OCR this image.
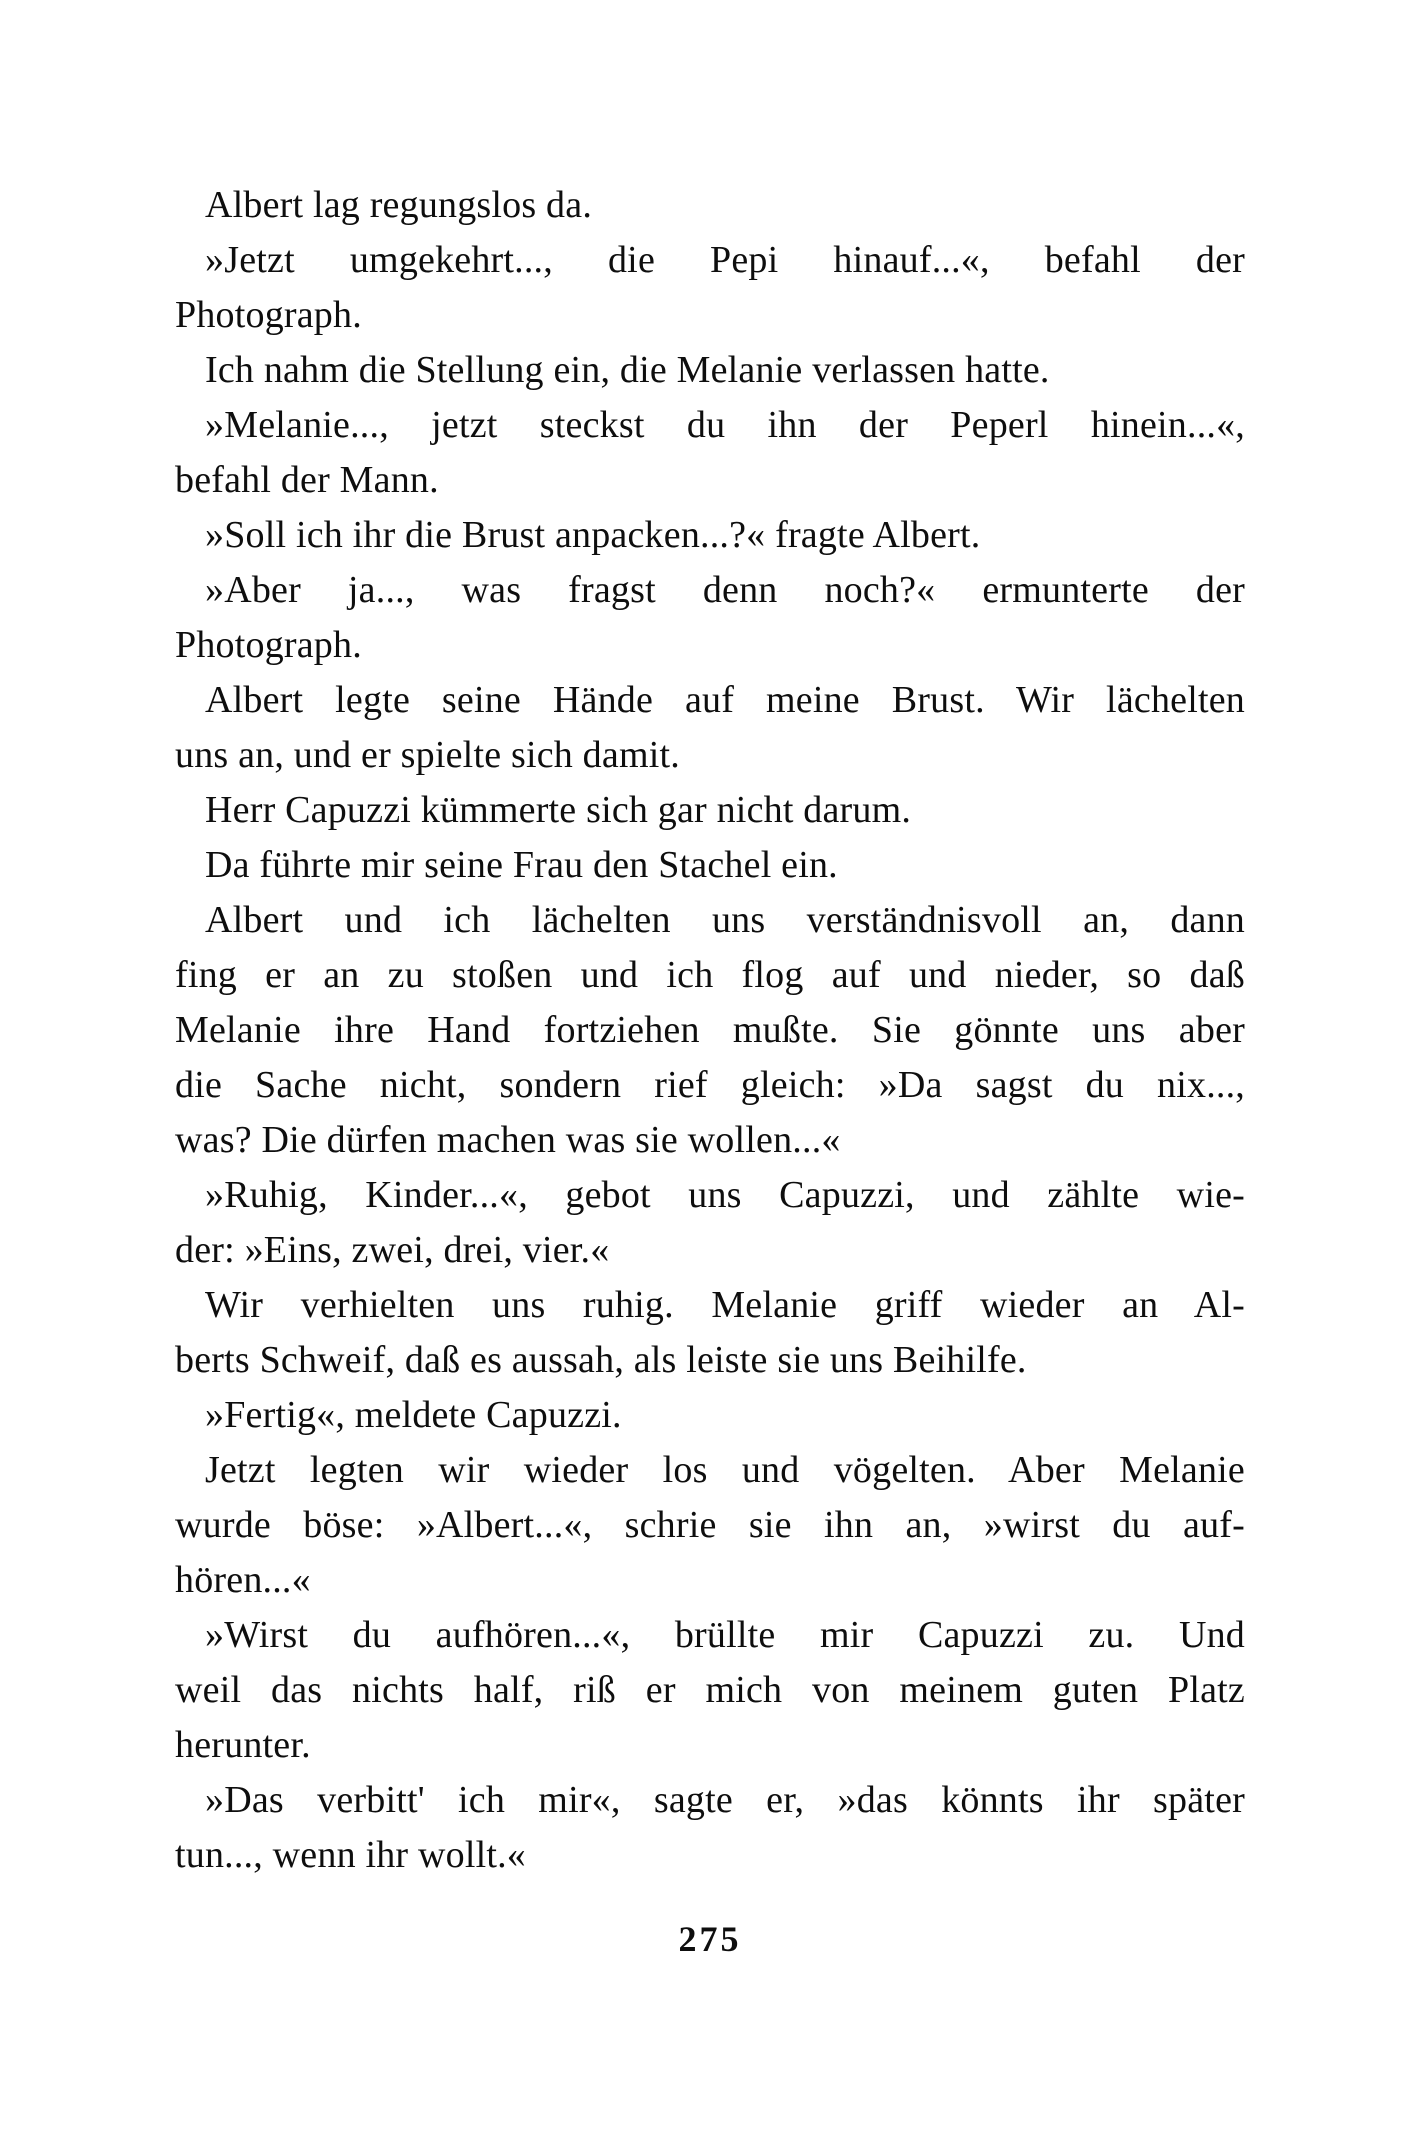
Albert lag regungslos da.
»Jetzt umgekehrt..., die Pepi hinauf...«, befahl der
Photograph.
Ich nahm die Stellung ein, die Melanie verlassen hatte.
»Melanie..., jetzt steckst du ihn der Peperl hinein...«,
befahl der Mann.
»Soll ich ihr die Brust anpacken...?« fragte Albert.
»Aber ja..., was fragst denn noch?« ermunterte der
Photograph.
Albert legte seine Hände auf meine Brust. Wir lächelten
uns an, und er spielte sich damit.
Herr Capuzzi kümmerte sich gar nicht darum.
Da führte mir seine Frau den Stachel ein.
Albert und ich lächelten uns verständnisvoll an, dann
fing er an zu stoßen und ich flog auf und nieder, so daß
Melanie ihre Hand fortziehen mußte. Sie gönnte uns aber
die Sache nicht, sondern rief gleich: »Da sagst du nix...,
was? Die dürfen machen was sie wollen...«
»Ruhig, Kinder...«, gebot uns Capuzzi, und zählte wie-
der: »Eins, zwei, drei, vier.«
Wir verhielten uns ruhig. Melanie griff wieder an Al-
berts Schweif, daß es aussah, als leiste sie uns Beihilfe.
»Fertig«, meldete Capuzzi.
Jetzt legten wir wieder los und vögelten. Aber Melanie
wurde böse: »Albert...«, schrie sie ihn an, »wirst du auf-
hören...«
»Wirst du aufhören...«, brüllte mir Capuzzi zu. Und
weil das nichts half, riß er mich von meinem guten Platz
herunter.
»Das verbitt' ich mir«, sagte er, »das könnts ihr später
tun..., wenn ihr wollt.«
275
